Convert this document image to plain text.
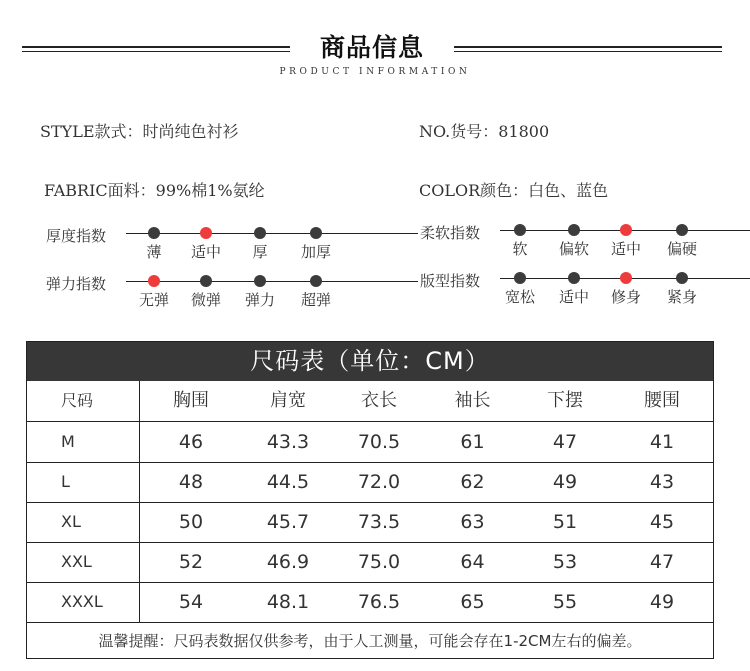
商品信息
PRODUCT INFORMATION
STYLE款式：时尚纯色衬衫	NO.货号：81800
FABRIC面料：99%棉1%氨纶	COLOR颜色：白色、蓝色
厚度指数
薄	适中	厚	加厚
弹力指数
无弹	微弹	弹力	超弹
柔软指数
软	偏软	适中	偏硬
版型指数
宽松	适中	修身	紧身
尺码表（单位：CM）
尺码	胸围	肩宽	衣长	袖长	下摆	腰围
M	46	43.3	70.5	61	47	41
L	48	44.5	72.0	62	49	43
XL	50	45.7	73.5	63	51	45
XXL	52	46.9	75.0	64	53	47
XXXL	54	48.1	76.5	65	55	49
温馨提醒：尺码表数据仅供参考，由于人工测量，可能会存在1-2CM左右的偏差。
